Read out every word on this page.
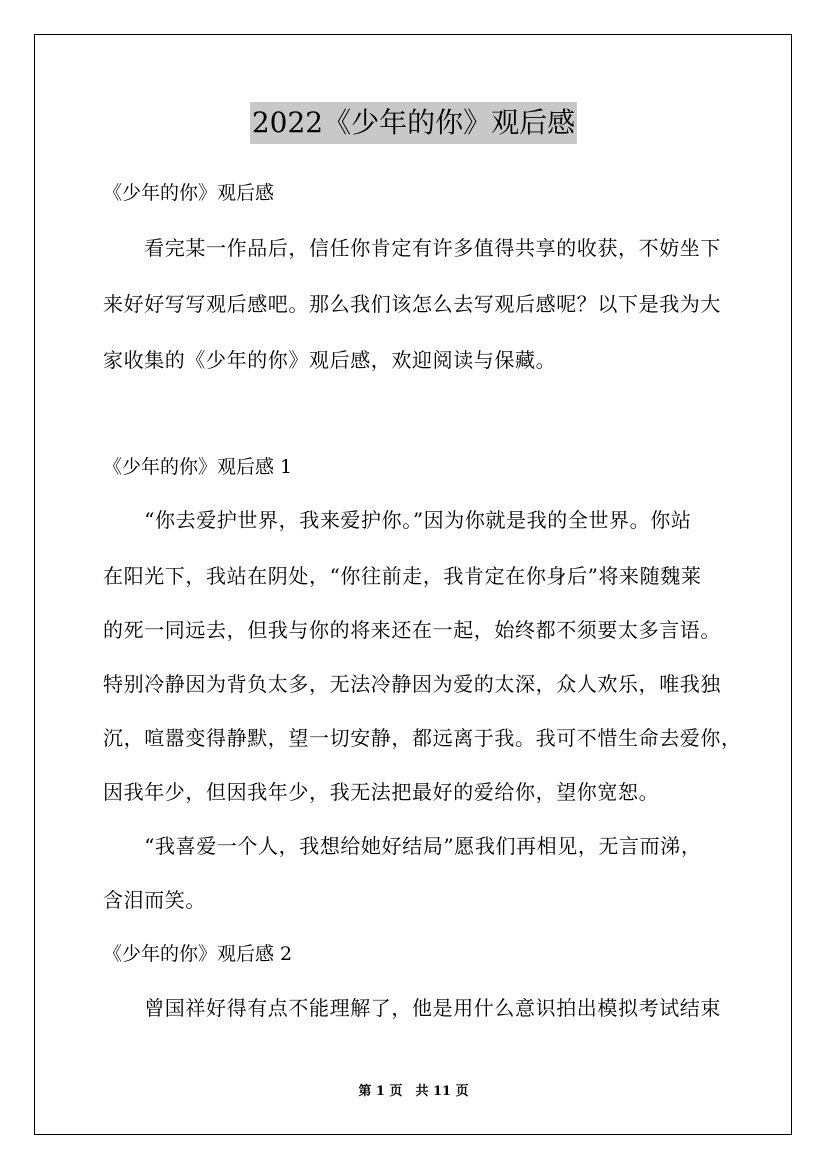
2022《少年的你》观后感

《少年的你》观后感

　　看完某一作品后，信任你肯定有许多值得共享的收获，不妨坐下

来好好写写观后感吧。那么我们该怎么去写观后感呢？以下是我为大

家收集的《少年的你》观后感，欢迎阅读与保藏。

《少年的你》观后感 1

　　“你去爱护世界，我来爱护你。”因为你就是我的全世界。你站

在阳光下，我站在阴处，“你往前走，我肯定在你身后”将来随魏莱

的死一同远去，但我与你的将来还在一起，始终都不须要太多言语。

特别冷静因为背负太多，无法冷静因为爱的太深，众人欢乐，唯我独

沉，喧嚣变得静默，望一切安静，都远离于我。我可不惜生命去爱你，

因我年少，但因我年少，我无法把最好的爱给你，望你宽恕。

　　“我喜爱一个人，我想给她好结局”愿我们再相见，无言而涕，

含泪而笑。

《少年的你》观后感 2

　　曾国祥好得有点不能理解了，他是用什么意识拍出模拟考试结束

第 1 页　共 11 页
